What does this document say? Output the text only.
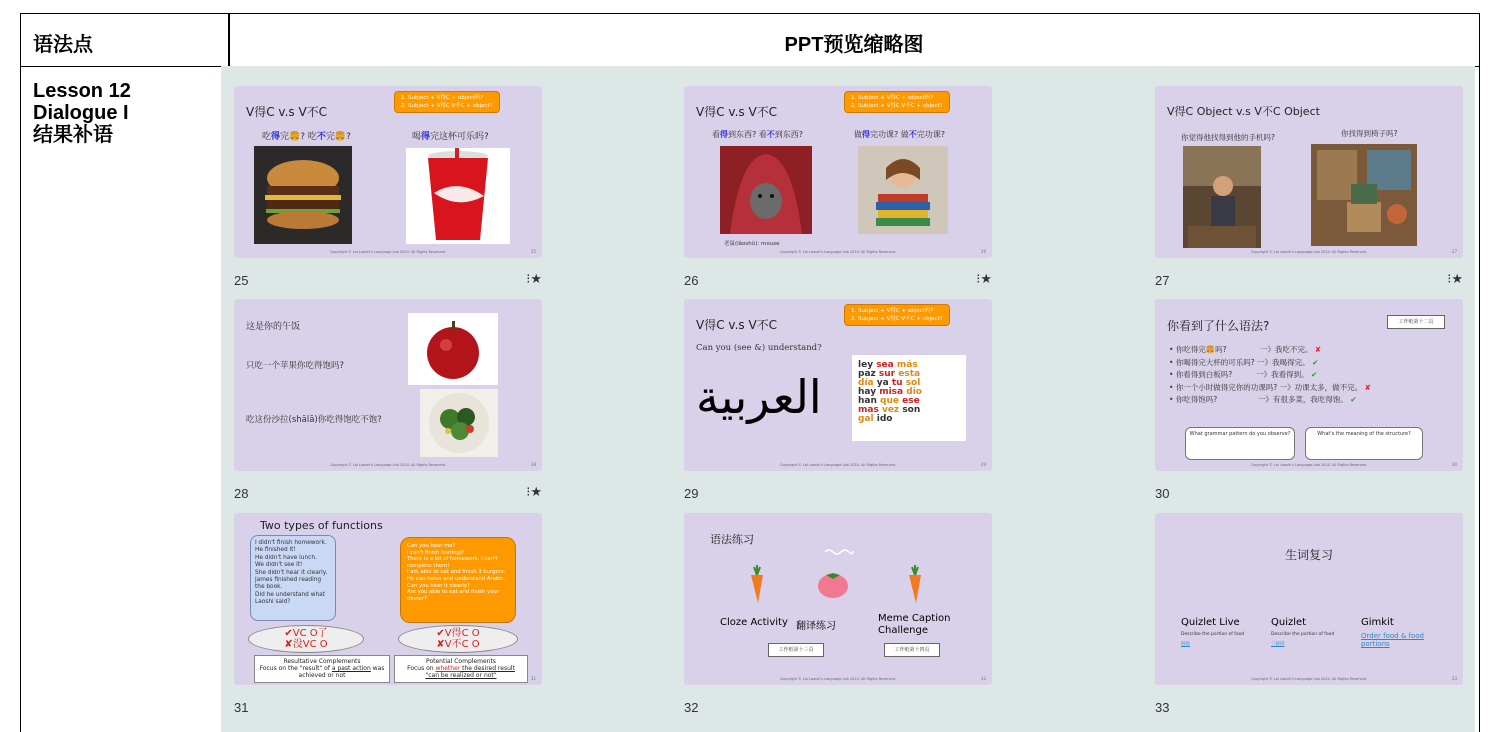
语法点	PPT预览缩略图
Lesson 12
Dialogue I
结果补语
V得C v.s V不C
1. Subject + V得C + object吗?
2. Subject + V得C V不C + object?
吃得完🍔? 吃不完🍔?	喝得完这杯可乐吗?
Copyright © Lai Laoshi's Language Lab 2024. All Rights Reserved.	25
25	⁝★
V得C v.s V不C
1. Subject + V得C + object吗?
2. Subject + V得C V不C + object?
看得到东西? 看不到东西?	做得完功课? 做不完功课?
老鼠(lǎoshǔ): mouse
Copyright © Lai Laoshi's Language Lab 2024. All Rights Reserved.	26
26	⁝★
V得C Object v.s V不C Object
你觉得他找得到他的手机吗?	你找得到椅子吗?
Copyright © Lai Laoshi's Language Lab 2024. All Rights Reserved.	27
27	⁝★
这是你的午饭
只吃一个苹果你吃得饱吗?
吃这份沙拉(shālā)你吃得饱吃不饱?
Copyright © Lai Laoshi's Language Lab 2024. All Rights Reserved.	28
28	⁝★
V得C v.s V不C
1. Subject + V得C + object吗?
2. Subject + V得C V不C + object?
Can you (see &) understand?
العربية
ley sea más
paz sur esta
día ya tu sol
hay misa dio
han que ese
mas vez son
gal ido
Copyright © Lai Laoshi's Language Lab 2024. All Rights Reserved.	29
29
你看到了什么语法?	工作纸第十二页
• 你吃得完🍔吗?	一》我吃不完。 ✘
• 你喝得完大杯的可乐吗? 一》我喝得完。 ✔
• 你看得到白板吗?	一》我看得到。 ✔
• 你一个小时做得完你的功课吗? 一》功课太多，做不完。 ✘
• 你吃得饱吗?	一》有很多菜，我吃得饱。 ✔
What grammar pattern do you observe?	What's the meaning of the structure?
Copyright © Lai Laoshi's Language Lab 2024. All Rights Reserved.	30
30
Two types of functions
I didn't finish homework.
He finished it!
He didn't have lunch.
We didn't see it!
She didn't hear it clearly.
James finished reading the book.
Did he understand what Laoshi said?
Can you hear me?
I can't finish (eating)!
There is a lot of homework. I can't complete them!
I am able to eat and finish 3 burgers.
He can listen and understand Arabic.
Can you hear it clearly?
Are you able to eat and finish your dinner?
✔VC O了
✘没VC O
✔V得C O
✘V不C O
Resultative Complements
Focus on the "result" of a past action was achieved or not
Potential Complements
Focus on whether the desired result
"can be realized or not"	31
31
语法练习
Cloze Activity 翻译练习
Meme Caption Challenge
工作纸第十三页	工作纸第十四页
Copyright © Lai Laoshi's Language Lab 2024. All Rights Reserved.	32
32
生词复习
Quizlet Live
Describe the portion of food
链接
Quizlet
Describe the portion of food
三链接
Gimkit
Order food & food portions
Copyright © Lai Laoshi's Language Lab 2024. All Rights Reserved.	33
33
